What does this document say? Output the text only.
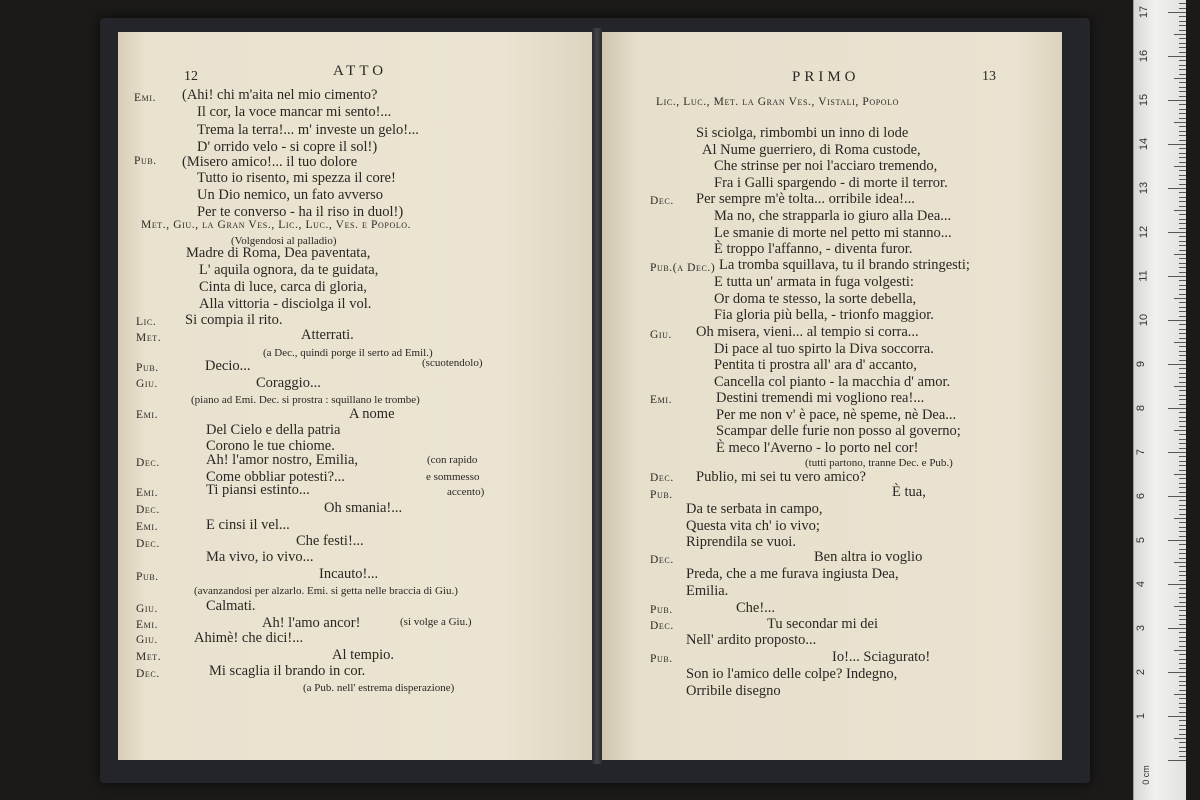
12	ATTO
Emi. (Ahi! chi m'aita nel mio cimento?
Il cor, la voce mancar mi sento!...
Trema la terra!... m' investe un gelo!...
D' orrido velo - si copre il sol!)
Pub. (Misero amico!... il tuo dolore
Tutto io risento, mi spezza il core!
Un Dio nemico, un fato avverso
Per te converso - ha il riso in duol!)
Met., Giu., la Gran Ves., Lic., Luc., Ves. e Popolo.
(Volgendosi al palladio)
Madre di Roma, Dea paventata,
L' aquila ognora, da te guidata,
Cinta di luce, carca di gloria,
Alla vittoria - disciolga il vol.
Lic. Si compia il rito.
Met.	Atterrati.
(a Dec., quindi porge il serto ad Emil.)
Pub.	Decio...	(scuotendolo)
Giu.	Coraggio...
(piano ad Emi. Dec. si prostra : squillano le trombe)
Emi.	A nome
Del Cielo e della patria
Corono le tue chiome.
Dec.	Ah! l'amor nostro, Emilia,	(con rapido
Come obbliar potesti?...	e sommesso
Emi.	Ti piansi estinto...	accento)
Dec.	Oh smania!...
Emi.	E cinsi il vel...
Dec.	Che festi!...
Ma vivo, io vivo...
Pub.	Incauto!...
(avanzandosi per alzarlo. Emi. si getta nelle braccia di Giu.)
Giu.	Calmati.
Emi.	Ah! l'amo ancor!	(si volge a Giu.)
Giu. Ahimè! che dici!...
Met.	Al tempio.
Dec.	Mi scaglia il brando in cor.
(a Pub. nell' estrema disperazione)
13
PRIMO
Lic., Luc., Met. la Gran Ves., Vistali, Popolo
Si sciolga, rimbombi un inno di lode
Al Nume guerriero, di Roma custode,
Che strinse per noi l'acciaro tremendo,
Fra i Galli spargendo - di morte il terror.
Dec. Per sempre m'è tolta... orribile idea!...
Ma no, che strapparla io giuro alla Dea...
Le smanie di morte nel petto mi stanno...
È troppo l'affanno, - diventa furor.
Pub.(a Dec.) La tromba squillava, tu il brando stringesti;
E tutta un' armata in fuga volgesti:
Or doma te stesso, la sorte debella,
Fia gloria più bella, - trionfo maggior.
Giu. Oh misera, vieni... al tempio si corra...
Di pace al tuo spirto la Diva soccorra.
Pentita ti prostra all' ara d' accanto,
Cancella col pianto - la macchia d' amor.
Emi.	Destini tremendi mi vogliono rea!...
Per me non v' è pace, nè speme, nè Dea...
Scampar delle furie non posso al governo;
È meco l'Averno - lo porto nel cor!
(tutti partono, tranne Dec. e Pub.)
Dec. Publio, mi sei tu vero amico?
Pub.	È tua,
Da te serbata in campo,
Questa vita ch' io vivo;
Riprendila se vuoi.
Dec.	Ben altra io voglio
Preda, che a me furava ingiusta Dea,
Emilia.
Pub.	Che!...
Dec.	Tu secondar mi dei
Nell' ardito proposto...
Pub.	Io!... Sciagurato!
Son io l'amico delle colpe? Indegno,
Orribile disegno
0 cm
17
16
15
14
13
12
11
10
9
8
7
6
5
4
3
2
1
